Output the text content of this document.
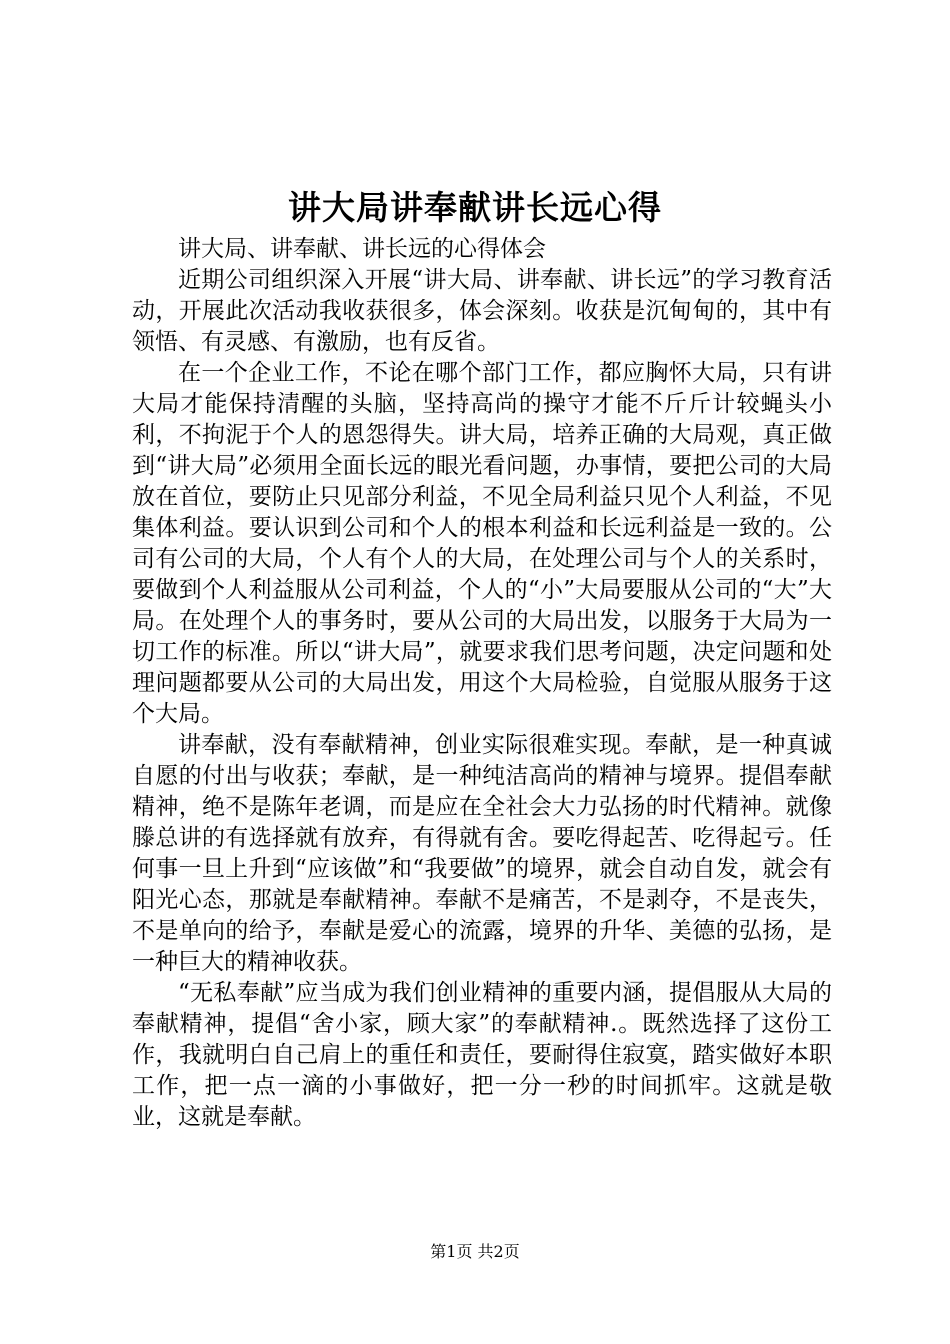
讲大局讲奉献讲长远心得

讲大局、讲奉献、讲长远的心得体会

近期公司组织深入开展“讲大局、讲奉献、讲长远”的学习教育活动，开展此次活动我收获很多，体会深刻。收获是沉甸甸的，其中有领悟、有灵感、有激励，也有反省。

在一个企业工作，不论在哪个部门工作，都应胸怀大局，只有讲大局才能保持清醒的头脑，坚持高尚的操守才能不斤斤计较蝇头小利，不拘泥于个人的恩怨得失。讲大局，培养正确的大局观，真正做到“讲大局”必须用全面长远的眼光看问题，办事情，要把公司的大局放在首位，要防止只见部分利益，不见全局利益只见个人利益，不见集体利益。要认识到公司和个人的根本利益和长远利益是一致的。公司有公司的大局，个人有个人的大局，在处理公司与个人的关系时，要做到个人利益服从公司利益，个人的“小”大局要服从公司的“大”大局。在处理个人的事务时，要从公司的大局出发，以服务于大局为一切工作的标准。所以“讲大局”，就要求我们思考问题，决定问题和处理问题都要从公司的大局出发，用这个大局检验，自觉服从服务于这个大局。

讲奉献，没有奉献精神，创业实际很难实现。奉献，是一种真诚自愿的付出与收获；奉献，是一种纯洁高尚的精神与境界。提倡奉献精神，绝不是陈年老调，而是应在全社会大力弘扬的时代精神。就像滕总讲的有选择就有放弃，有得就有舍。要吃得起苦、吃得起亏。任何事一旦上升到“应该做”和“我要做”的境界，就会自动自发，就会有阳光心态，那就是奉献精神。奉献不是痛苦，不是剥夺，不是丧失，不是单向的给予，奉献是爱心的流露，境界的升华、美德的弘扬，是一种巨大的精神收获。

“无私奉献”应当成为我们创业精神的重要内涵，提倡服从大局的奉献精神，提倡“舍小家，顾大家”的奉献精神.。既然选择了这份工作，我就明白自己肩上的重任和责任，要耐得住寂寞，踏实做好本职工作，把一点一滴的小事做好，把一分一秒的时间抓牢。这就是敬业，这就是奉献。

第1页 共2页
